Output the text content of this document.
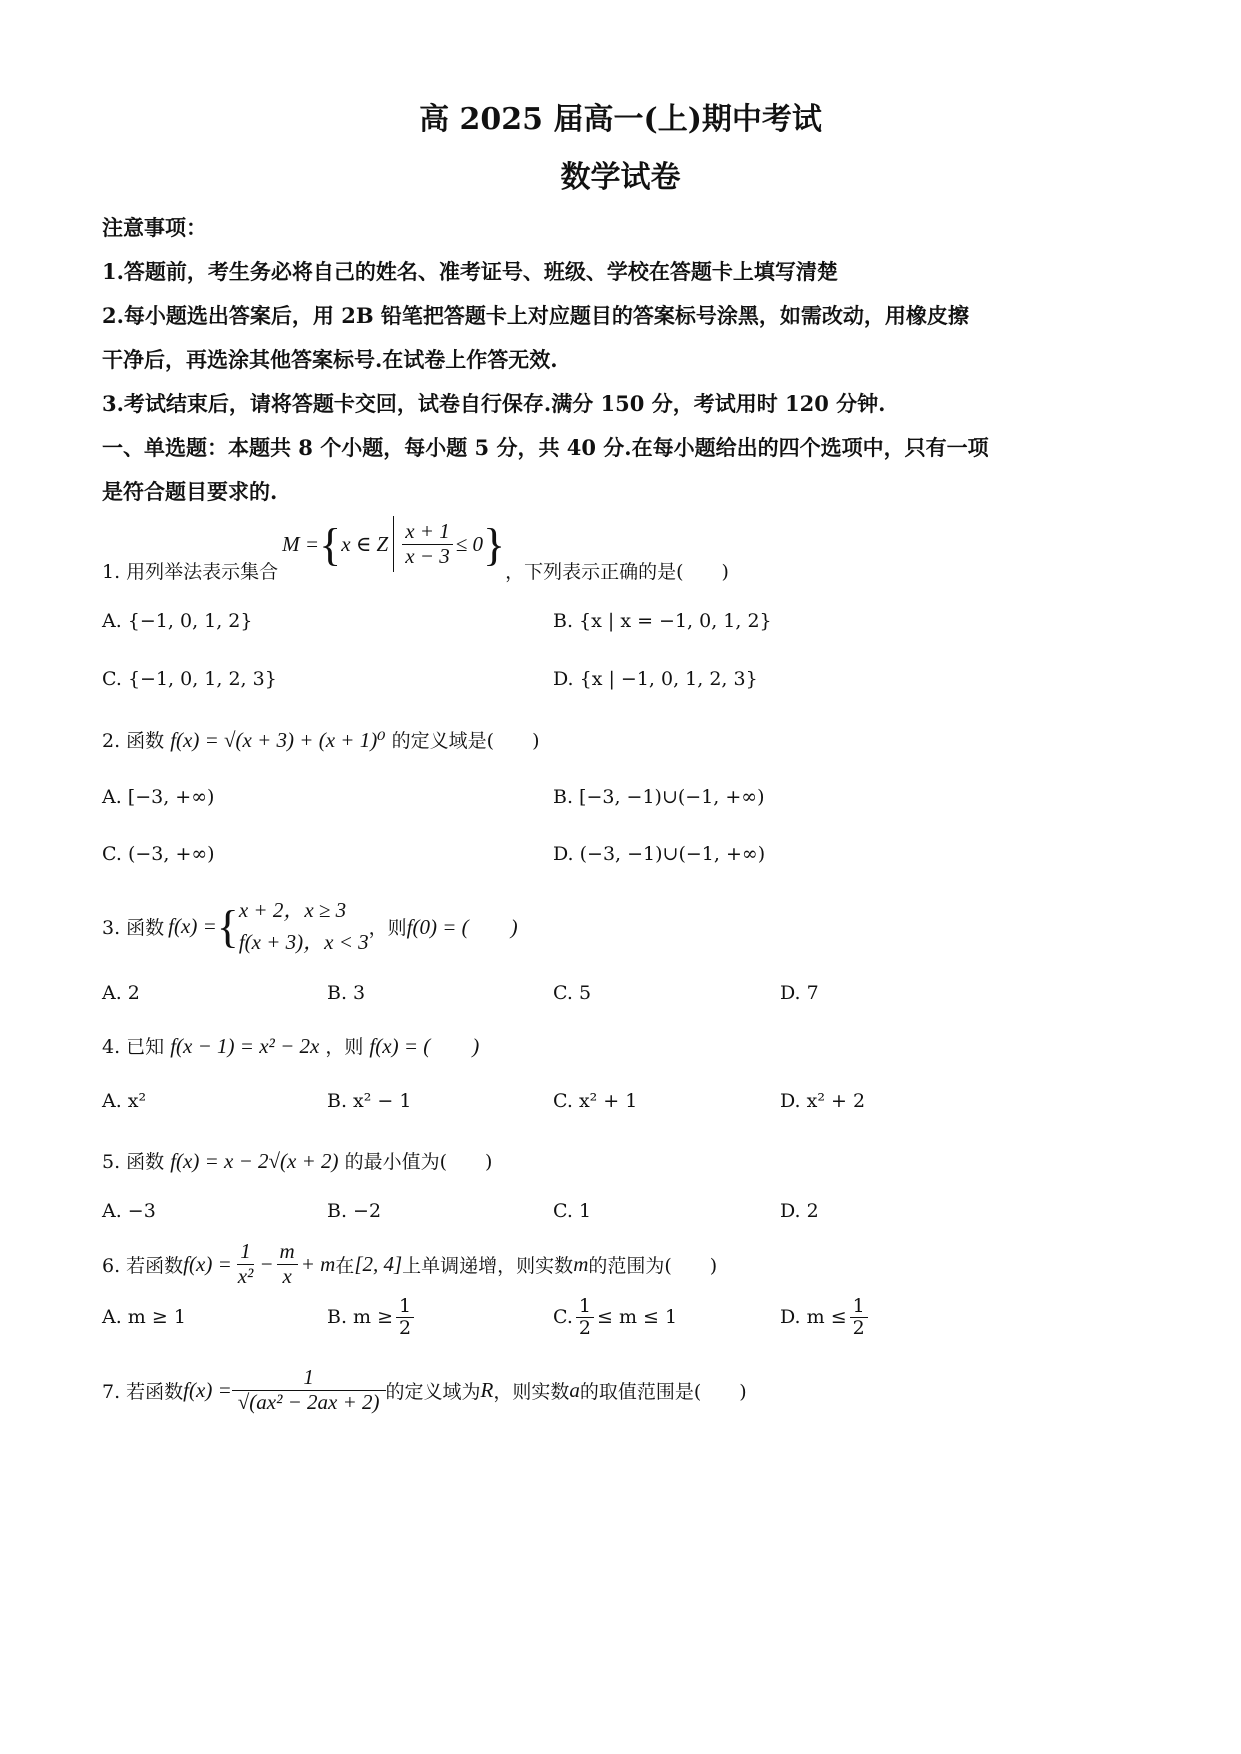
高 2025 届高一(上)期中考试
数学试卷
注意事项：
1.答题前，考生务必将自己的姓名、准考证号、班级、学校在答题卡上填写清楚
2.每小题选出答案后，用 2B 铅笔把答题卡上对应题目的答案标号涂黑，如需改动，用橡皮擦
干净后，再选涂其他答案标号.在试卷上作答无效.
3.考试结束后，请将答题卡交回，试卷自行保存.满分 150 分，考试用时 120 分钟.
一、单选题：本题共 8 个小题，每小题 5 分，共 40 分.在每小题给出的四个选项中，只有一项
是符合题目要求的.
1. 用列举法表示集合
M = { x ∈ Z $\frac{x + 1}{x - 3} \le 0$ }
，下列表示正确的是(　　)
A. {−1, 0, 1, 2}	B. {x | x = −1, 0, 1, 2}
C. {−1, 0, 1, 2, 3}	D. {x | −1, 0, 1, 2, 3}
2. 函数 f(x) = √(x + 3) + (x + 1)⁰ 的定义域是(　　)
A. [−3, +∞)	B. [−3, −1)∪(−1, +∞)
C. (−3, +∞)	D. (−3, −1)∪(−1, +∞)
3. 函数 f(x) = { x + 2，x ≥ 3
f(x + 3)，x < 3
，则 f(0) = (　　)
A. 2	B. 3	C. 5	D. 7
4. 已知 f(x − 1) = x² − 2x ，则 f(x) = (　　)
A. x²	B. x² − 1	C. x² + 1	D. x² + 2
5. 函数 f(x) = x − 2√(x + 2) 的最小值为(　　)
A. −3	B. −2	C. 1	D. 2
6. 若函数 $f(x) = \frac{1}{\text{x²}} - \frac{m}{x} + m$ 在 [2, 4] 上单调递增，则实数 m 的范围为(　　)
A. m ≥ 1	B. $m \ge \frac{1}{2}$	C. $\frac{1}{2} \le m \le 1$	D. $m \le \frac{1}{2}$
7. 若函数 $f(x) = \frac{1}{\text{√(ax² − 2ax + 2)}}$ 的定义域为 R ，则实数 a 的取值范围是(　　)
